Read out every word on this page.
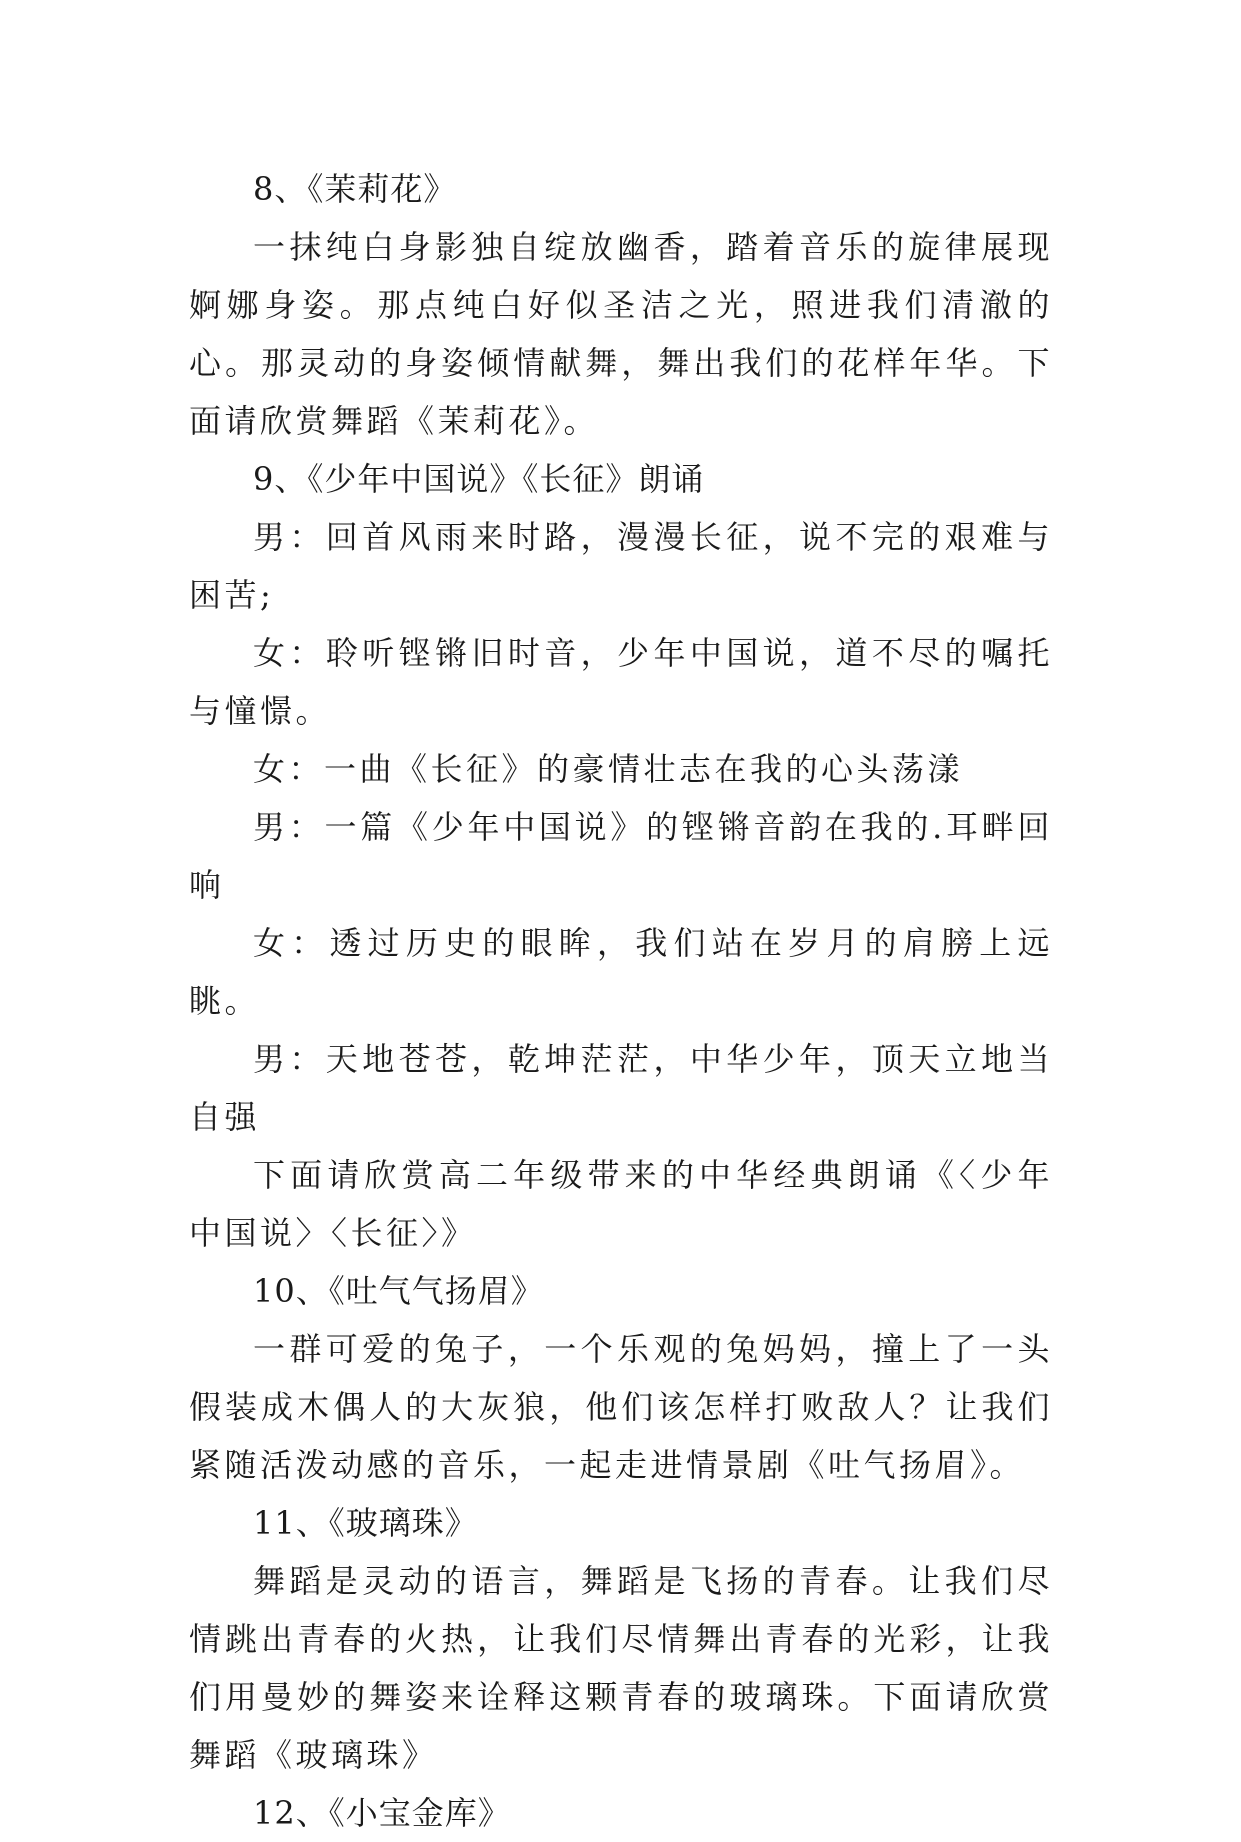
8、《茉莉花》

一抹纯白身影独自绽放幽香，踏着音乐的旋律展现婀娜身姿。那点纯白好似圣洁之光，照进我们清澈的心。那灵动的身姿倾情献舞，舞出我们的花样年华。下面请欣赏舞蹈《茉莉花》。

9、《少年中国说》《长征》朗诵

男：回首风雨来时路，漫漫长征，说不完的艰难与困苦;

女：聆听铿锵旧时音，少年中国说，道不尽的嘱托与憧憬。

女：一曲《长征》的豪情壮志在我的心头荡漾

男：一篇《少年中国说》的铿锵音韵在我的.耳畔回响

女：透过历史的眼眸，我们站在岁月的肩膀上远眺。

男：天地苍苍，乾坤茫茫，中华少年，顶天立地当自强

下面请欣赏高二年级带来的中华经典朗诵《〈少年中国说〉〈长征〉》

10、《吐气气扬眉》

一群可爱的兔子，一个乐观的兔妈妈，撞上了一头假装成木偶人的大灰狼，他们该怎样打败敌人？让我们紧随活泼动感的音乐，一起走进情景剧《吐气扬眉》。

11、《玻璃珠》

舞蹈是灵动的语言，舞蹈是飞扬的青春。让我们尽情跳出青春的火热，让我们尽情舞出青春的光彩，让我们用曼妙的舞姿来诠释这颗青春的玻璃珠。下面请欣赏舞蹈《玻璃珠》

12、《小宝金库》
